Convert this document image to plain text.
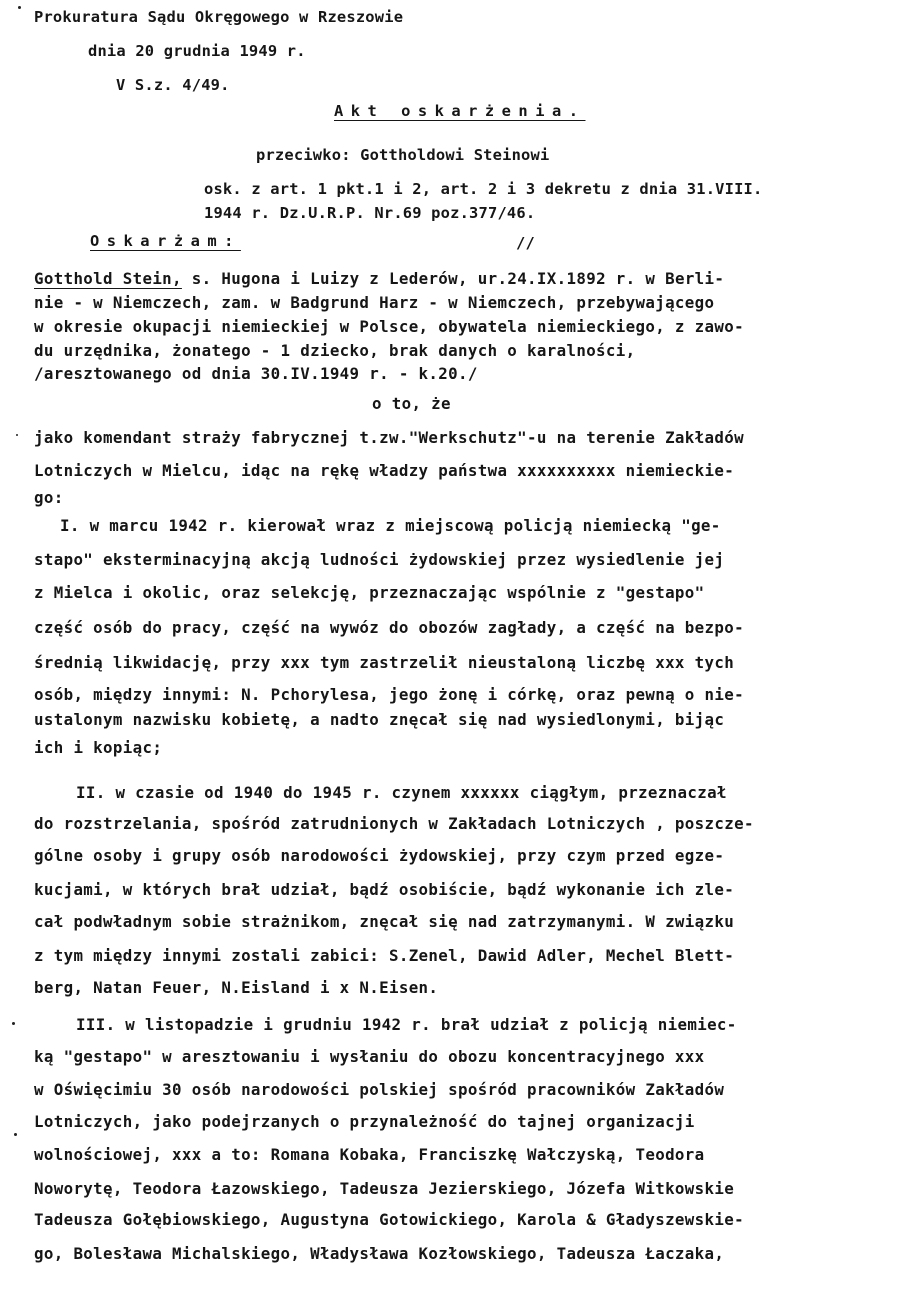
Prokuratura Sądu Okręgowego w Rzeszowie
dnia 20 grudnia 1949 r.
V S.z. 4/49.
Akt oskarżenia.
przeciwko: Gottholdowi Steinowi
osk. z art. 1 pkt.1 i 2, art. 2 i 3 dekretu z dnia 31.VIII.
1944 r. Dz.U.R.P. Nr.69 poz.377/46.
Oskarżam:	//
Gotthold Stein, s. Hugona i Luizy z Lederów, ur.24.IX.1892 r. w Berli-
nie - w Niemczech, zam. w Badgrund Harz - w Niemczech, przebywającego
w okresie okupacji niemieckiej w Polsce, obywatela niemieckiego, z zawo-
du urzędnika, żonatego - 1 dziecko, brak danych o karalności,
/aresztowanego od dnia 30.IV.1949 r. - k.20./
o to, że
jako komendant straży fabrycznej t.zw."Werkschutz"-u na terenie Zakładów
Lotniczych w Mielcu, idąc na rękę władzy państwa xxxxxxxxxx niemieckie-
go:
I. w marcu 1942 r. kierował wraz z miejscową policją niemiecką "ge-
stapo" eksterminacyjną akcją ludności żydowskiej przez wysiedlenie jej
z Mielca i okolic, oraz selekcję, przeznaczając wspólnie z "gestapo"
część osób do pracy, część na wywóz do obozów zagłady, a część na bezpo-
średnią likwidację, przy xxx tym zastrzelił nieustaloną liczbę xxx tych
osób, między innymi: N. Pchorylesa, jego żonę i córkę, oraz pewną o nie-
ustalonym nazwisku kobietę, a nadto znęcał się nad wysiedlonymi, bijąc
ich i kopiąc;
II. w czasie od 1940 do 1945 r. czynem xxxxxx ciągłym, przeznaczał
do rozstrzelania, spośród zatrudnionych w Zakładach Lotniczych , poszcze-
gólne osoby i grupy osób narodowości żydowskiej, przy czym przed egze-
kucjami, w których brał udział, bądź osobiście, bądź wykonanie ich zle-
cał podwładnym sobie strażnikom, znęcał się nad zatrzymanymi. W związku
z tym między innymi zostali zabici: S.Zenel, Dawid Adler, Mechel Blett-
berg, Natan Feuer, N.Eisland i x N.Eisen.
III. w listopadzie i grudniu 1942 r. brał udział z policją niemiec-
ką "gestapo" w aresztowaniu i wysłaniu do obozu koncentracyjnego xxx
w Oświęcimiu 30 osób narodowości polskiej spośród pracowników Zakładów
Lotniczych, jako podejrzanych o przynależność do tajnej organizacji
wolnościowej, xxx a to: Romana Kobaka, Franciszkę Wałczyską, Teodora
Noworytę, Teodora Łazowskiego, Tadeusza Jezierskiego, Józefa Witkowskie
Tadeusza Gołębiowskiego, Augustyna Gotowickiego, Karola & Gładyszewskie-
go, Bolesława Michalskiego, Władysława Kozłowskiego, Tadeusza Łaczaka,
